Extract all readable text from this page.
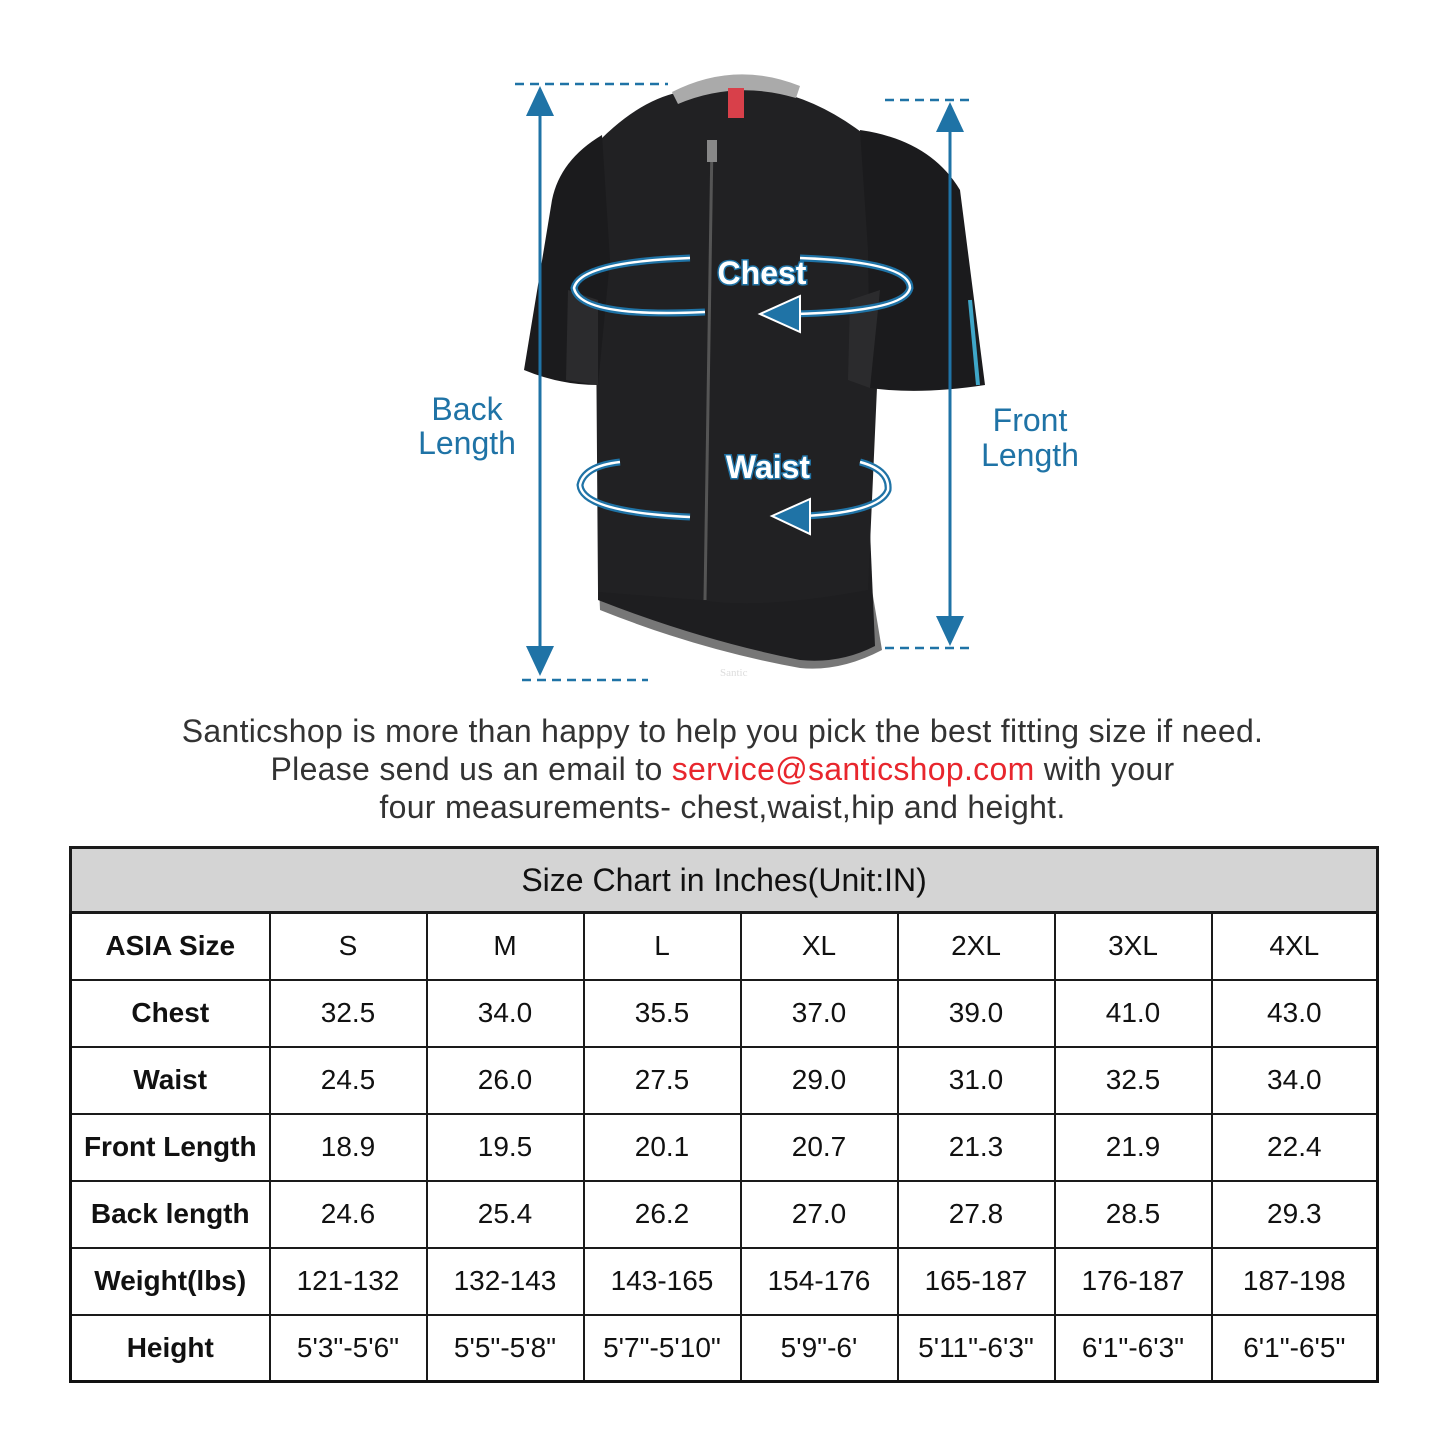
Santic
Back
Length
Front
Length
Chest
Waist
Santicshop is more than happy to help you pick the best fitting size if need.
Please send us an email to service@santicshop.com with your
four measurements- chest,waist,hip and height.
Size Chart in Inches(Unit:IN)							
ASIA Size	S	M	L	XL	2XL	3XL	4XL
Chest	32.5	34.0	35.5	37.0	39.0	41.0	43.0
Waist	24.5	26.0	27.5	29.0	31.0	32.5	34.0
Front Length	18.9	19.5	20.1	20.7	21.3	21.9	22.4
Back length	24.6	25.4	26.2	27.0	27.8	28.5	29.3
Weight(lbs)	121-132	132-143	143-165	154-176	165-187	176-187	187-198
Height	5'3"-5'6"	5'5"-5'8"	5'7"-5'10"	5'9"-6'	5'11"-6'3"	6'1"-6'3"	6'1"-6'5"
